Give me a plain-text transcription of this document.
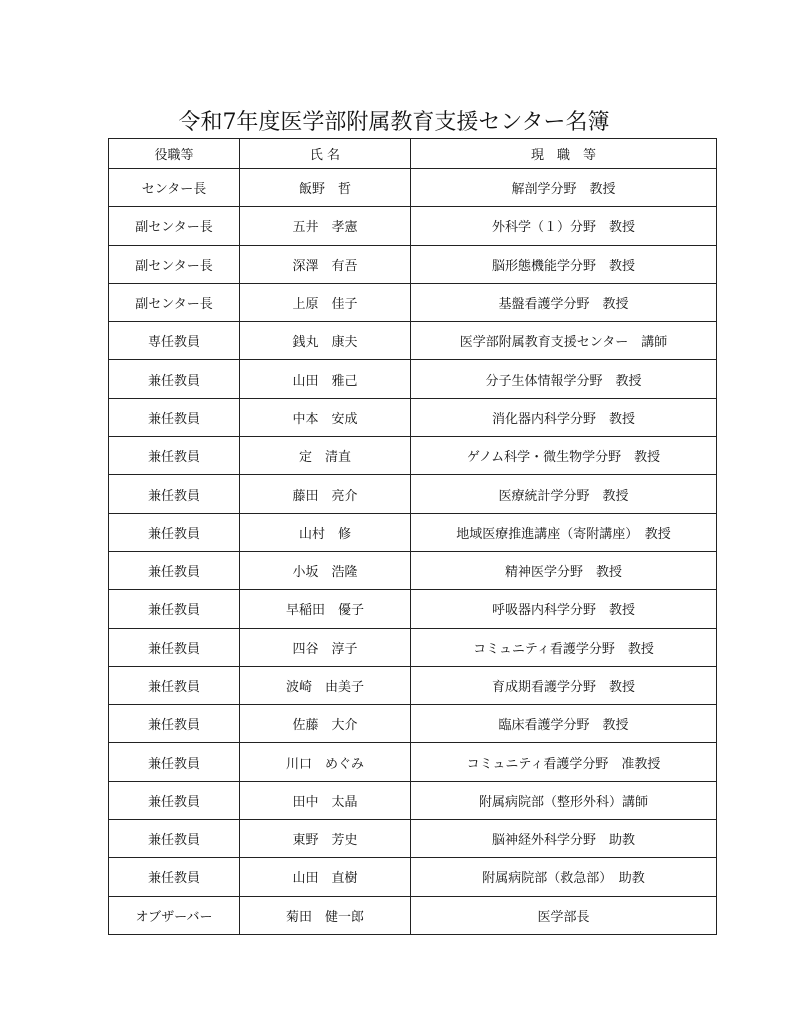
令和7年度医学部附属教育支援センター名簿
役職等	氏 名	現　職　等
センター長	飯野　哲	解剖学分野　教授
副センター長	五井　孝憲	外科学（１）分野　教授
副センター長	深澤　有吾	脳形態機能学分野　教授
副センター長	上原　佳子	基盤看護学分野　教授
専任教員	銭丸　康夫	医学部附属教育支援センター　講師
兼任教員	山田　雅己	分子生体情報学分野　教授
兼任教員	中本　安成	消化器内科学分野　教授
兼任教員	定　清直	ゲノム科学・微生物学分野　教授
兼任教員	藤田　亮介	医療統計学分野　教授
兼任教員	山村　修	地域医療推進講座（寄附講座）　教授
兼任教員	小坂　浩隆	精神医学分野　教授
兼任教員	早稲田　優子	呼吸器内科学分野　教授
兼任教員	四谷　淳子	コミュニティ看護学分野　教授
兼任教員	波崎　由美子	育成期看護学分野　教授
兼任教員	佐藤　大介	臨床看護学分野　教授
兼任教員	川口　めぐみ	コミュニティ看護学分野　准教授
兼任教員	田中　太晶	附属病院部（整形外科）講師
兼任教員	東野　芳史	脳神経外科学分野　助教
兼任教員	山田　直樹	附属病院部（救急部）　助教
オブザーバー	菊田　健一郎	医学部長
